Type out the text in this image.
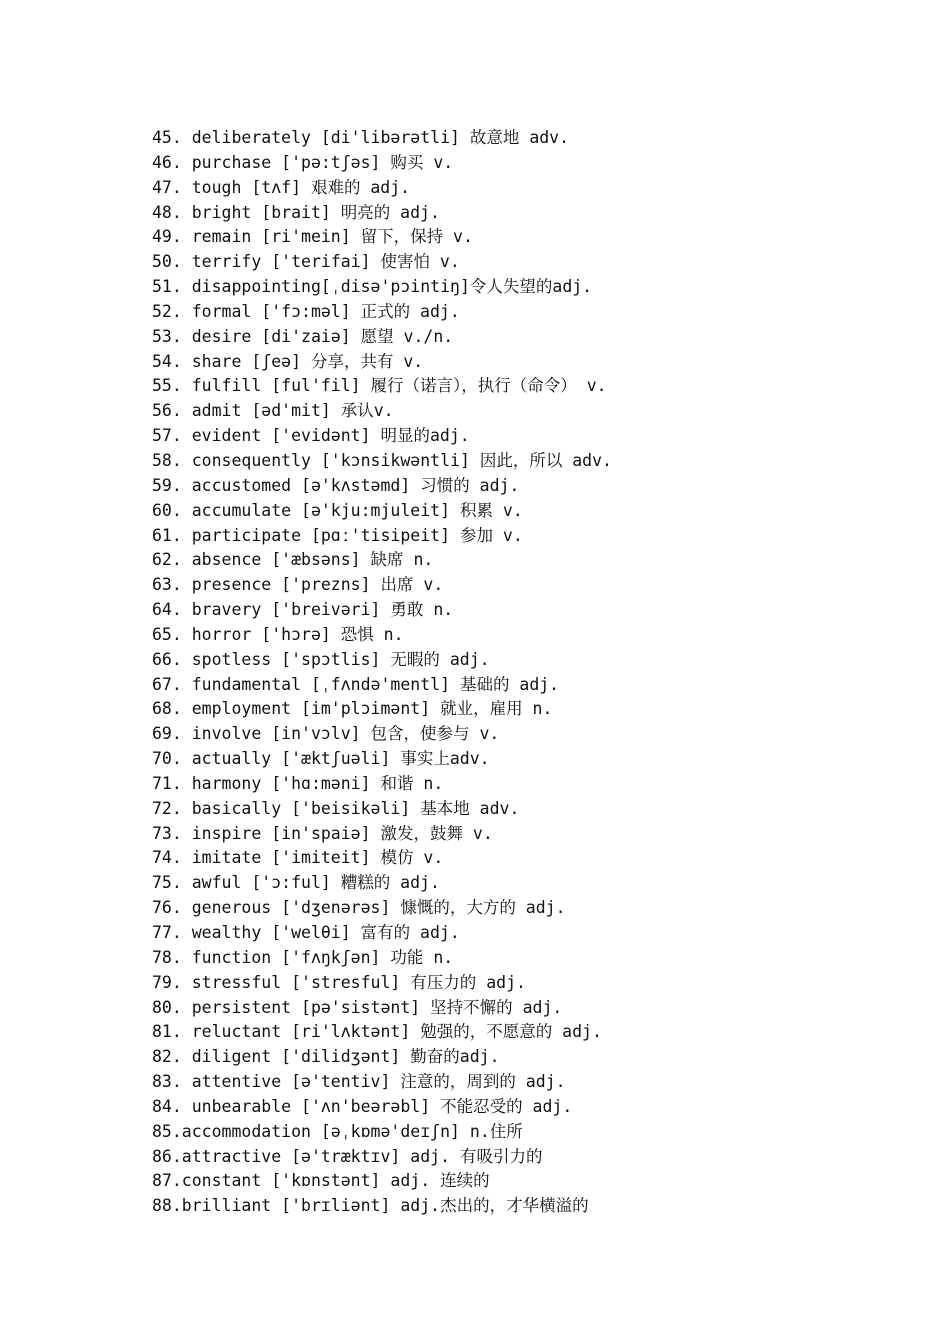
45. deliberately [di'libərətli] 故意地 adv.
46. purchase ['pə:tʃəs] 购买 v.
47. tough [tʌf] 艰难的 adj.
48. bright [brait] 明亮的 adj.
49. remain [ri'mein] 留下，保持 v.
50. terrify ['terifai] 使害怕 v.
51. disappointing[ˌdisə'pɔintiŋ]令人失望的adj.
52. formal ['fɔ:məl] 正式的 adj.
53. desire [di'zaiə] 愿望 v./n.
54. share [ʃeə] 分享，共有 v.
55. fulfill [ful'fil] 履行（诺言），执行（命令） v.
56. admit [əd'mit] 承认v.
57. evident ['evidənt] 明显的adj.
58. consequently ['kɔnsikwəntli] 因此，所以 adv.
59. accustomed [ə'kʌstəmd] 习惯的 adj.
60. accumulate [ə'kju:mjuleit] 积累 v.
61. participate [pɑː'tisipeit] 参加 v.
62. absence ['æbsəns] 缺席 n.
63. presence ['prezns] 出席 v.
64. bravery ['breivəri] 勇敢 n.
65. horror ['hɔrə] 恐惧 n.
66. spotless ['spɔtlis] 无暇的 adj.
67. fundamental [ˌfʌndə'mentl] 基础的 adj.
68. employment [im'plɔimənt] 就业，雇用 n.
69. involve [in'vɔlv] 包含，使参与 v.
70. actually ['æktʃuəli] 事实上adv.
71. harmony ['hɑ:məni] 和谐 n.
72. basically ['beisikəli] 基本地 adv.
73. inspire [in'spaiə] 激发，鼓舞 v.
74. imitate ['imiteit] 模仿 v.
75. awful ['ɔ:ful] 糟糕的 adj.
76. generous ['dʒenərəs] 慷慨的，大方的 adj.
77. wealthy ['welθi] 富有的 adj.
78. function ['fʌŋkʃən] 功能 n.
79. stressful ['stresful] 有压力的 adj.
80. persistent [pə'sistənt] 坚持不懈的 adj.
81. reluctant [ri'lʌktənt] 勉强的，不愿意的 adj.
82. diligent ['dilidʒənt] 勤奋的adj.
83. attentive [ə'tentiv] 注意的，周到的 adj.
84. unbearable ['ʌn'beərəbl] 不能忍受的 adj.
85.accommodation [əˌkɒmə'deɪʃn] n.住所
86.attractive [ə'træktɪv] adj. 有吸引力的
87.constant ['kɒnstənt] adj. 连续的
88.brilliant ['brɪliənt] adj.杰出的，才华横溢的
